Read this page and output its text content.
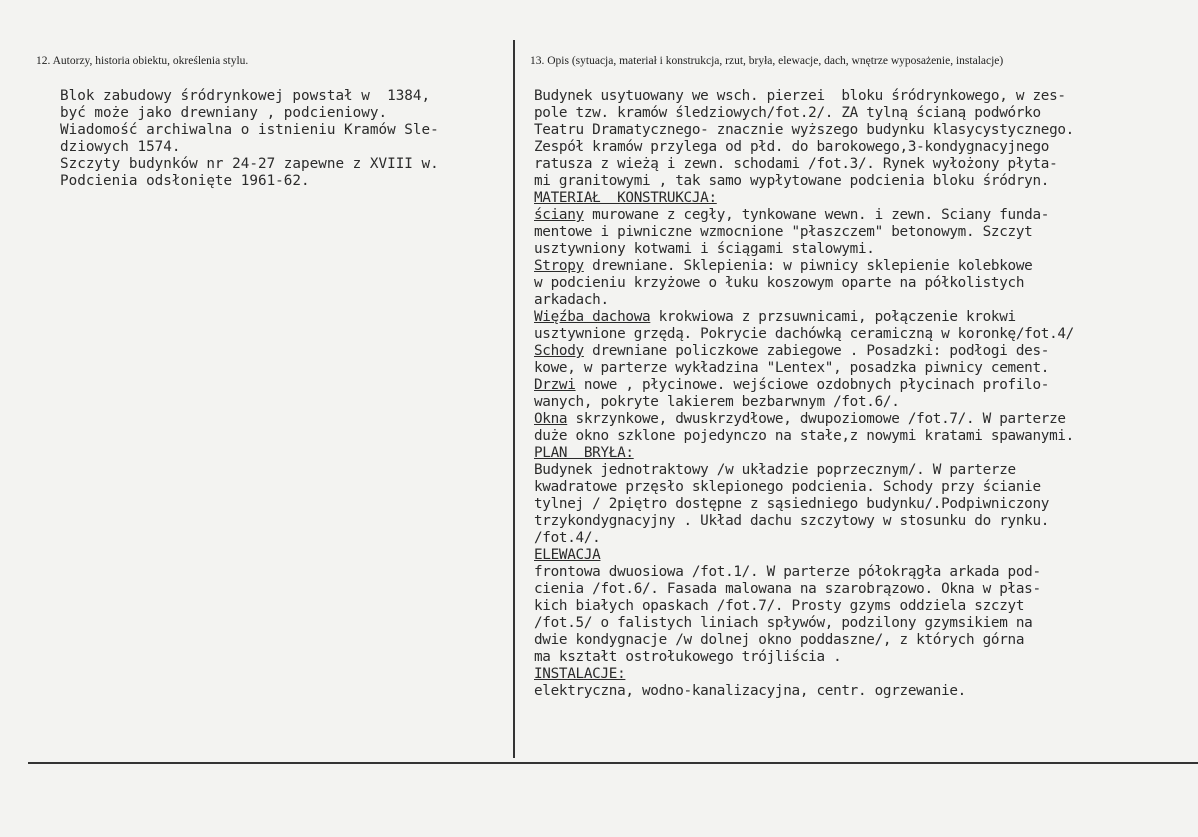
12. Autorzy, historia obiektu, określenia stylu.	13. Opis (sytuacja, materiał i konstrukcja, rzut, bryła, elewacje, dach, wnętrze wyposażenie, instalacje)
Blok zabudowy śródrynkowej powstał w  1384,
być może jako drewniany , podcieniowy.
Wiadomość archiwalna o istnieniu Kramów Sle-
dziowych 1574.
Szczyty budynków nr 24-27 zapewne z XVIII w.
Podcienia odsłonięte 1961-62.
Budynek usytuowany we wsch. pierzei  bloku śródrynkowego, w zes-
pole tzw. kramów śledziowych/fot.2/. ZA tylną ścianą podwórko
Teatru Dramatycznego- znacznie wyższego budynku klasycystycznego.
Zespół kramów przylega od płd. do barokowego,3-kondygnacyjnego
ratusza z wieżą i zewn. schodami /fot.3/. Rynek wyłożony płyta-
mi granitowymi , tak samo wypłytowane podcienia bloku śródryn.
MATERIAŁ  KONSTRUKCJA:
ściany murowane z cegły, tynkowane wewn. i zewn. Sciany funda-
mentowe i piwniczne wzmocnione "płaszczem" betonowym. Szczyt
usztywniony kotwami i ściągami stalowymi.
Stropy drewniane. Sklepienia: w piwnicy sklepienie kolebkowe
w podcieniu krzyżowe o łuku koszowym oparte na półkolistych
arkadach.
Więźba dachowa krokwiowa z przsuwnicami, połączenie krokwi
usztywnione grzędą. Pokrycie dachówką ceramiczną w koronkę/fot.4/
Schody drewniane policzkowe zabiegowe . Posadzki: podłogi des-
kowe, w parterze wykładzina "Lentex", posadzka piwnicy cement.
Drzwi nowe , płycinowe. wejściowe ozdobnych płycinach profilo-
wanych, pokryte lakierem bezbarwnym /fot.6/.
Okna skrzynkowe, dwuskrzydłowe, dwupoziomowe /fot.7/. W parterze
duże okno szklone pojedynczo na stałe,z nowymi kratami spawanymi.
PLAN  BRYŁA:
Budynek jednotraktowy /w układzie poprzecznym/. W parterze
kwadratowe przęsło sklepionego podcienia. Schody przy ścianie
tylnej / 2piętro dostępne z sąsiedniego budynku/.Podpiwniczony
trzykondygnacyjny . Układ dachu szczytowy w stosunku do rynku.
/fot.4/.
ELEWACJA
frontowa dwuosiowa /fot.1/. W parterze półokrągła arkada pod-
cienia /fot.6/. Fasada malowana na szarobrązowo. Okna w płas-
kich białych opaskach /fot.7/. Prosty gzyms oddziela szczyt
/fot.5/ o falistych liniach spływów, podzilony gzymsikiem na
dwie kondygnacje /w dolnej okno poddaszne/, z których górna
ma kształt ostrołukowego trójliścia .
INSTALACJE:
elektryczna, wodno-kanalizacyjna, centr. ogrzewanie.
